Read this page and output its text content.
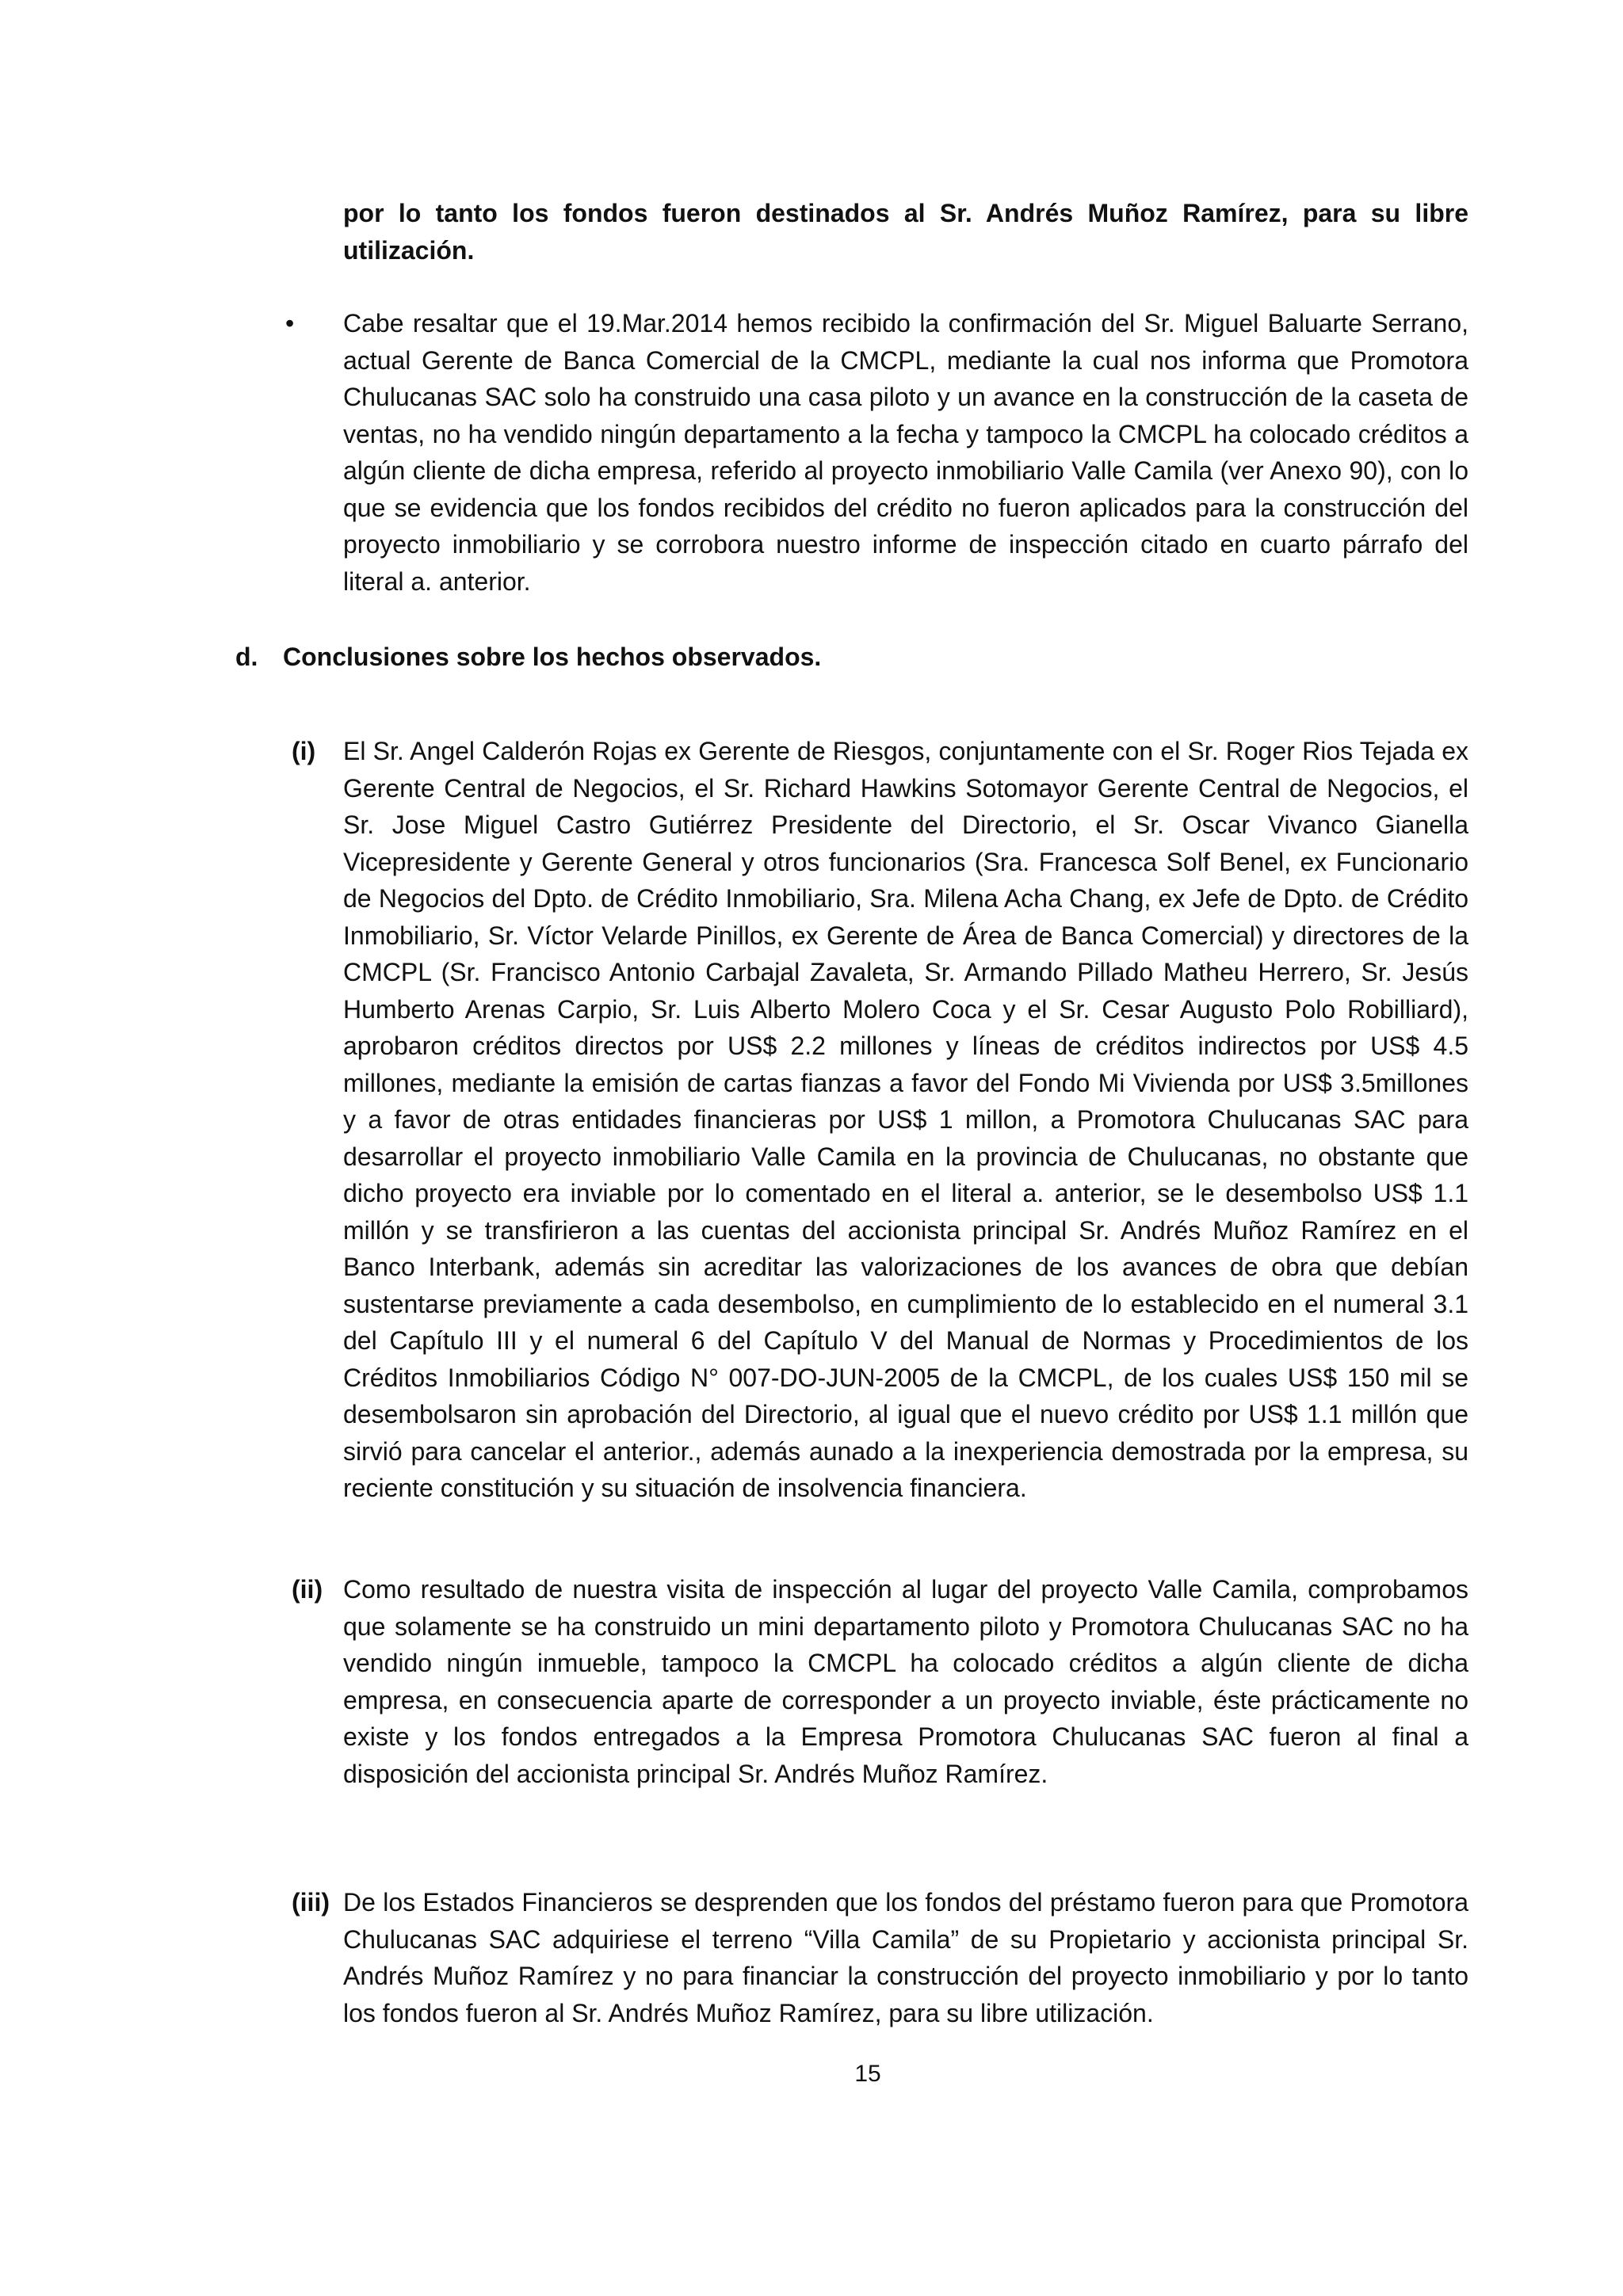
por lo tanto los fondos fueron destinados al Sr. Andrés Muñoz Ramírez, para su libre utilización.

•	Cabe resaltar que el 19.Mar.2014 hemos recibido la confirmación del Sr. Miguel Baluarte Serrano, actual Gerente de Banca Comercial de la CMCPL, mediante la cual nos informa que Promotora Chulucanas SAC solo ha construido una casa piloto y un avance en la construcción de la caseta de ventas, no ha vendido ningún departamento a la fecha y tampoco la CMCPL ha colocado créditos a algún cliente de dicha empresa, referido al proyecto inmobiliario Valle Camila (ver Anexo 90), con lo que se evidencia que los fondos recibidos del crédito no fueron aplicados para la construcción del proyecto inmobiliario y se corrobora nuestro informe de inspección citado en cuarto párrafo del literal a. anterior.

d. Conclusiones sobre los hechos observados.
(i) El Sr. Angel Calderón Rojas ex Gerente de Riesgos, conjuntamente con el Sr. Roger Rios Tejada ex Gerente Central de Negocios, el Sr. Richard Hawkins Sotomayor Gerente Central de Negocios, el Sr. Jose Miguel Castro Gutiérrez Presidente del Directorio, el Sr. Oscar Vivanco Gianella Vicepresidente y Gerente General y otros funcionarios (Sra. Francesca Solf Benel, ex Funcionario de Negocios del Dpto. de Crédito Inmobiliario, Sra. Milena Acha Chang, ex Jefe de Dpto. de Crédito Inmobiliario, Sr. Víctor Velarde Pinillos, ex Gerente de Área de Banca Comercial) y directores de la CMCPL (Sr. Francisco Antonio Carbajal Zavaleta, Sr. Armando Pillado Matheu Herrero, Sr. Jesús Humberto Arenas Carpio, Sr. Luis Alberto Molero Coca y el Sr. Cesar Augusto Polo Robilliard), aprobaron créditos directos por US$ 2.2 millones y líneas de créditos indirectos por US$ 4.5 millones, mediante la emisión de cartas fianzas a favor del Fondo Mi Vivienda por US$ 3.5millones y a favor de otras entidades financieras por US$ 1 millon, a Promotora Chulucanas SAC para desarrollar el proyecto inmobiliario Valle Camila en la provincia de Chulucanas, no obstante que dicho proyecto era inviable por lo comentado en el literal a. anterior, se le desembolso US$ 1.1 millón y se transfirieron a las cuentas del accionista principal Sr. Andrés Muñoz Ramírez en el Banco Interbank, además sin acreditar las valorizaciones de los avances de obra que debían sustentarse previamente a cada desembolso, en cumplimiento de lo establecido en el numeral 3.1 del Capítulo III y el numeral 6 del Capítulo V del Manual de Normas y Procedimientos de los Créditos Inmobiliarios Código N° 007-DO-JUN-2005 de la CMCPL, de los cuales US$ 150 mil se desembolsaron sin aprobación del Directorio, al igual que el nuevo crédito por US$ 1.1 millón que sirvió para cancelar el anterior., además aunado a la inexperiencia demostrada por la empresa, su reciente constitución y su situación de insolvencia financiera.

(ii) Como resultado de nuestra visita de inspección al lugar del proyecto Valle Camila, comprobamos que solamente se ha construido un mini departamento piloto y Promotora Chulucanas SAC no ha vendido ningún inmueble, tampoco la CMCPL ha colocado créditos a algún cliente de dicha empresa, en consecuencia aparte de corresponder a un proyecto inviable, éste prácticamente no existe y los fondos entregados a la Empresa Promotora Chulucanas SAC fueron al final a disposición del accionista principal Sr. Andrés Muñoz Ramírez.

(iii) De los Estados Financieros se desprenden que los fondos del préstamo fueron para que Promotora Chulucanas SAC adquiriese el terreno “Villa Camila” de su Propietario y accionista principal Sr. Andrés Muñoz Ramírez y no para financiar la construcción del proyecto inmobiliario y por lo tanto los fondos fueron al Sr. Andrés Muñoz Ramírez, para su libre utilización.

15
